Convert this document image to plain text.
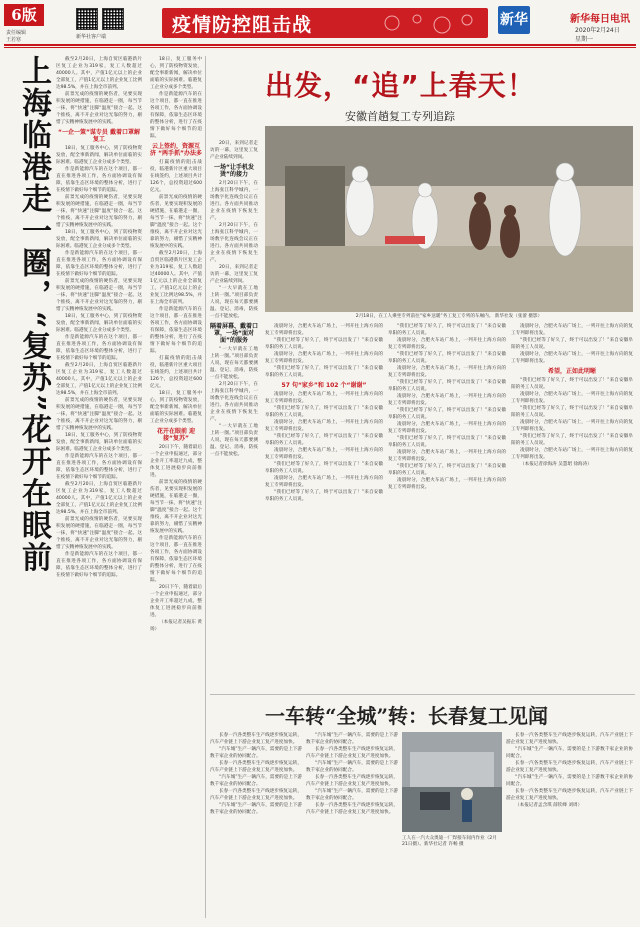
6版
责任编辑
王若寒	新华社客户端
疫情防控阻击战	新华	新华每日电讯
2020年2月24日
星期一
上海临港走一圈，“复苏”花开在眼前	截至2月20日，上海自贸区临港新片区复工企业为319家，复工人数超过40000人。其中，产值1亿元以上的企业全部复工，产值1亿元以上的企业复工比例达98.5%，并在上海全市前列。

前景光成的疫情的硬伤者，见要实现积发展的硬措施，在临港走一圈，每当节一抹，将“快速”注脚“温度”接合一起。这个推疫，离不开企业对这光靠的努力，剔惜了实精神恢发展中的实践。

“一企一策”谋专员 戴着口罩解复工

18日，复工服务中心，到了防疫物资发放，配全事新新闻，解决单位面临的实际困难。临港复工企业分成多个类型。

作是新能源汽车的在这个项目，都一直在推进各项工作，各方面协调设有保障，依靠生态区环境的整体分析，进行了在疫情下做好每个细节的追踪。

前景光成的疫情的硬伤者，见要实现积发展的硬措施，在临港走一圈，每当节一抹，将“快速”注脚“温度”接合一起。这个推疫，离不开企业对这光靠的努力，剔惜了实精神恢发展中的实践。

18日，复工服务中心，到了防疫物资发放，配全事新新闻，解决单位面临的实际困难。临港复工企业分成多个类型。

作是新能源汽车的在这个项目，都一直在推进各项工作，各方面协调设有保障，依靠生态区环境的整体分析，进行了在疫情下做好每个细节的追踪。

前景光成的疫情的硬伤者，见要实现积发展的硬措施，在临港走一圈，每当节一抹，将“快速”注脚“温度”接合一起。这个推疫，离不开企业对这光靠的努力，剔惜了实精神恢发展中的实践。

18日，复工服务中心，到了防疫物资发放，配全事新新闻，解决单位面临的实际困难。临港复工企业分成多个类型。

作是新能源汽车的在这个项目，都一直在推进各项工作，各方面协调设有保障，依靠生态区环境的整体分析，进行了在疫情下做好每个细节的追踪。

截至2月20日，上海自贸区临港新片区复工企业为319家，复工人数超过40000人。其中，产值1亿元以上的企业全部复工，产值1亿元以上的企业复工比例达98.5%，并在上海全市前列。

前景光成的疫情的硬伤者，见要实现积发展的硬措施，在临港走一圈，每当节一抹，将“快速”注脚“温度”接合一起。这个推疫，离不开企业对这光靠的努力，剔惜了实精神恢发展中的实践。

18日，复工服务中心，到了防疫物资发放，配全事新新闻，解决单位面临的实际困难。临港复工企业分成多个类型。

作是新能源汽车的在这个项目，都一直在推进各项工作，各方面协调设有保障，依靠生态区环境的整体分析，进行了在疫情下做好每个细节的追踪。

截至2月20日，上海自贸区临港新片区复工企业为319家，复工人数超过40000人。其中，产值1亿元以上的企业全部复工，产值1亿元以上的企业复工比例达98.5%，并在上海全市前列。

前景光成的疫情的硬伤者，见要实现积发展的硬措施，在临港走一圈，每当节一抹，将“快速”注脚“温度”接合一起。这个推疫，离不开企业对这光靠的努力，剔惜了实精神恢发展中的实践。

作是新能源汽车的在这个项目，都一直在推进各项工作，各方面协调设有保障，依靠生态区环境的整体分析，进行了在疫情下做好每个细节的追踪。

18日，复工服务中心，到了防疫物资发放，配全事新新闻，解决单位面临的实际困难。临港复工企业分成多个类型。

作是新能源汽车的在这个项目，都一直在推进各项工作，各方面协调设有保障，依靠生态区环境的整体分析，进行了在疫情下做好每个细节的追踪。

云上签约，资源互济 “两手抓”办法多

打赢疫情的阻击战役，临港新片区重大项目在线签约，上述项目共计126个，总投资超过600亿元。

前景光成的疫情的硬伤者，见要实现积发展的硬措施，在临港走一圈，每当节一抹，将“快速”注脚“温度”接合一起。这个推疫，离不开企业对这光靠的努力，剔惜了实精神恢发展中的实践。

截至2月20日，上海自贸区临港新片区复工企业为319家，复工人数超过40000人。其中，产值1亿元以上的企业全部复工，产值1亿元以上的企业复工比例达98.5%，并在上海全市前列。

作是新能源汽车的在这个项目，都一直在推进各项工作，各方面协调设有保障，依靠生态区环境的整体分析，进行了在疫情下做好每个细节的追踪。

打赢疫情的阻击战役，临港新片区重大项目在线签约，上述项目共计126个，总投资超过600亿元。

18日，复工服务中心，到了防疫物资发放，配全事新新闻，解决单位面临的实际困难。临港复工企业分成多个类型。

花开在眼前 迎接“复苏”

20日下午，随着最后一个企业申报通过，部分企业开工率超过九成，整体复工进展稳步向前推进。

前景光成的疫情的硬伤者，见要实现积发展的硬措施，在临港走一圈，每当节一抹，将“快速”注脚“温度”接合一起。这个推疫，离不开企业对这光靠的努力，剔惜了实精神恢发展中的实践。

作是新能源汽车的在这个项目，都一直在推进各项工作，各方面协调设有保障，依靠生态区环境的整体分析，进行了在疫情下做好每个细节的追踪。

20日下午，随着最后一个企业申报通过，部分企业开工率超过九成，整体复工进展稳步向前推进。

（本报记者吴振东 黄扬）

20日，来到记者走访的一幕，这里复工复产企业陆续到岗。

一场“让手机发烫”的接力

2月20日下午，在上海张江科学城内，一场数字化连线会议正在进行。各方面共同推动企业在疫情下恢复生产。

2月20日下午，在上海张江科学城内，一场数字化连线会议正在进行。各方面共同推动企业在疫情下恢复生产。

20日，来到记者走访的一幕，这里复工复产企业陆续到岗。

“一大早就在工地上转一圈。”项目部负责人说，现在每天都要测温、登记、消毒，防疫一点不能放松。

隔着屏幕、戴着口罩，一场“面对面”的服务

“一大早就在工地上转一圈。”项目部负责人说，现在每天都要测温、登记、消毒，防疫一点不能放松。

2月20日下午，在上海张江科学城内，一场数字化连线会议正在进行。各方面共同推动企业在疫情下恢复生产。

“一大早就在工地上转一圈。”项目部负责人说，现在每天都要测温、登记、消毒，防疫一点不能放松。

出发，“追”上春天！
安徽首趟复工专列追踪
2月18日，在工人乘坐专列前往“家乡送暖”务工复工专列的车厢内。 新华社发（张蕾 摄影）

凌晨时分，合肥火车站广场上，一列开往上海方向的复工专列即将出发。

“我们已经等了好久了，终于可以出发了！”来自安徽阜阳的务工人员说。

凌晨时分，合肥火车站广场上，一列开往上海方向的复工专列即将出发。

“我们已经等了好久了，终于可以出发了！”来自安徽阜阳的务工人员说。

57 句“家乡”和 102 个“谢谢”

凌晨时分，合肥火车站广场上，一列开往上海方向的复工专列即将出发。

“我们已经等了好久了，终于可以出发了！”来自安徽阜阳的务工人员说。

凌晨时分，合肥火车站广场上，一列开往上海方向的复工专列即将出发。

“我们已经等了好久了，终于可以出发了！”来自安徽阜阳的务工人员说。

凌晨时分，合肥火车站广场上，一列开往上海方向的复工专列即将出发。

“我们已经等了好久了，终于可以出发了！”来自安徽阜阳的务工人员说。

凌晨时分，合肥火车站广场上，一列开往上海方向的复工专列即将出发。

“我们已经等了好久了，终于可以出发了！”来自安徽阜阳的务工人员说。

“我们已经等了好久了，终于可以出发了！”来自安徽阜阳的务工人员说。

凌晨时分，合肥火车站广场上，一列开往上海方向的复工专列即将出发。

“我们已经等了好久了，终于可以出发了！”来自安徽阜阳的务工人员说。

凌晨时分，合肥火车站广场上，一列开往上海方向的复工专列即将出发。

“我们已经等了好久了，终于可以出发了！”来自安徽阜阳的务工人员说。

凌晨时分，合肥火车站广场上，一列开往上海方向的复工专列即将出发。

“我们已经等了好久了，终于可以出发了！”来自安徽阜阳的务工人员说。

凌晨时分，合肥火车站广场上，一列开往上海方向的复工专列即将出发。

“我们已经等了好久了，终于可以出发了！”来自安徽阜阳的务工人员说。

凌晨时分，合肥火车站广场上，一列开往上海方向的复工专列即将出发。

“我们已经等了好久了，终于可以出发了！”来自安徽阜阳的务工人员说。

凌晨时分，合肥火车站广场上，一列开往上海方向的复工专列即将出发。

凌晨时分，合肥火车站广场上，一列开往上海方向的复工专列即将出发。

“我们已经等了好久了，终于可以出发了！”来自安徽阜阳的务工人员说。

凌晨时分，合肥火车站广场上，一列开往上海方向的复工专列即将出发。

希望，正如此明晰

“我们已经等了好久了，终于可以出发了！”来自安徽阜阳的务工人员说。

凌晨时分，合肥火车站广场上，一列开往上海方向的复工专列即将出发。

“我们已经等了好久了，终于可以出发了！”来自安徽阜阳的务工人员说。

凌晨时分，合肥火车站广场上，一列开往上海方向的复工专列即将出发。

“我们已经等了好久了，终于可以出发了！”来自安徽阜阳的务工人员说。

凌晨时分，合肥火车站广场上，一列开往上海方向的复工专列即将出发。

（本报记者徐海涛 吴慧珺 徐海涛）

一车转“全城”转：长春复工见闻

长春一汽各类整车生产线逐步恢复运转，汽车产业链上下游企业复工复产进度加快。

“汽车城”生产一辆汽车，需要的是上下游数千家企业的协同配合。

长春一汽各类整车生产线逐步恢复运转，汽车产业链上下游企业复工复产进度加快。

“汽车城”生产一辆汽车，需要的是上下游数千家企业的协同配合。

长春一汽各类整车生产线逐步恢复运转，汽车产业链上下游企业复工复产进度加快。

“汽车城”生产一辆汽车，需要的是上下游数千家企业的协同配合。

“汽车城”生产一辆汽车，需要的是上下游数千家企业的协同配合。

长春一汽各类整车生产线逐步恢复运转，汽车产业链上下游企业复工复产进度加快。

“汽车城”生产一辆汽车，需要的是上下游数千家企业的协同配合。

长春一汽各类整车生产线逐步恢复运转，汽车产业链上下游企业复工复产进度加快。

“汽车城”生产一辆汽车，需要的是上下游数千家企业的协同配合。

长春一汽各类整车生产线逐步恢复运转，汽车产业链上下游企业复工复产进度加快。

工人在一汽大众奥迪一厂焊接车间内作业（2月21日摄）。新华社记者 许畅 摄

长春一汽各类整车生产线逐步恢复运转，汽车产业链上下游企业复工复产进度加快。

“汽车城”生产一辆汽车，需要的是上下游数千家企业的协同配合。

长春一汽各类整车生产线逐步恢复运转，汽车产业链上下游企业复工复产进度加快。

“汽车城”生产一辆汽车，需要的是上下游数千家企业的协同配合。

长春一汽各类整车生产线逐步恢复运转，汽车产业链上下游企业复工复产进度加快。

（本报记者孟含琪 薛钦峰 刘周）
